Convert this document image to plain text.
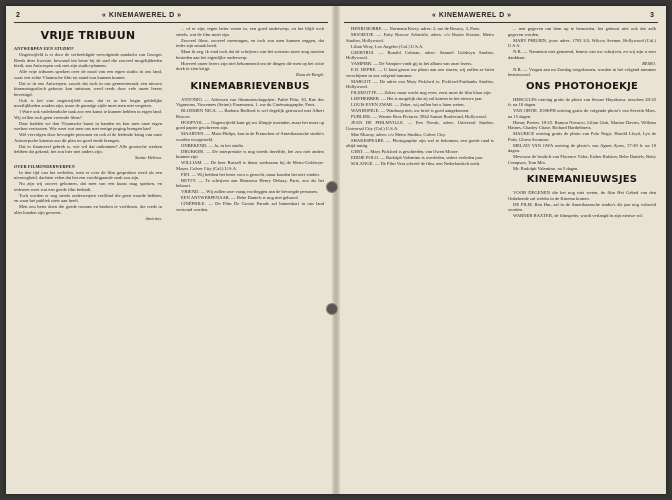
2	« KINEMAWEREL D »
VRIJE TRIBUUN

ANTWERPEN EEN STUDIO?

Ongetwijfeld is er door de verbeeldigde vervolgende aandacht van Georges Reeds deze kwestie, bewaard ten beste bij de stad die zooveel mogelijkheden biedt, aan Antwerpen ook met zijn studio-plannen.

Alle vrije tribunes spreken over de nood van een eigen studio in ons land, waar een echte Vlaamsche film tot stand zou kunnen komen.

Dat er in ons Antwerpen, zooals dat toch in ons gemeenteraad, een nieuwe kinematografisch gebouw kan ontstaan, werd reeds door vele onzer lezers bevestigd.

Ook is het vast ongetwijfeld waar, dat er in het begin geldelijke moeilijkheden zouden zijn, maar de gunstige zijde moet men niet vergeten.

't Ware ook vaderlandsche taak zoo een kunst te kunnen hebben in eigen land. Wij willen toch geen vreemde films?

Daar hadden we dan Vlaamsche kunst in handen en kon men onze eigen werken vertoonen. Wie weet wat men ons met eenige poging brengen kan!

Wel vervolgen door bevoegde personen en ook al de leidende kring van onze Antwerpsche kinema zou dit plan tot goed einde brengen.

Dat er financieel gebrek is, wie wil dat ontkennen? Alle grootsche werken hebben dat gekend, het zou hier niet anders zijn.

Sainte Helena.

OVER FILMONDERWERPEN

In den tijd van het verleden, toen er over de film gesproken werd als een nieuwigheid, dachten velen dat het een voorbijgaande zaak zou zijn.

Nu zijn wij zoover gekomen, dat men van een kunst mag spreken, en iedereen weet wat een goede film beduidt.

Toch worden er nog steeds onderwerpen verfilmd die geen waarde hebben, en waar het publiek niets aan heeft.

Men zou beter doen die goede romans en boeken te verfilmen, die reeds in aller handen zijn geweest.

Amicitia.

... of er zijn, tegen beter weten in, een goed onderwerp, en het blijft toch steeds, wat de film moet zijn.

Zooveel films, zooveel meeningen, en toch zou men kunnen zeggen, dat ieder zijn smaak heeft.

Maar ik zeg, ik vind toch dat de schrijvers van het scenario meer zorg moeten besteden aan het eigenlijke onderwerp.

Hoeveel onzer lezers zijn niet bekommerd om de dingen die men op het witte doek te zien krijgt.

Roza de Bergh.

KINEMABRIEVENBUS

ANTONIO. — Adressen van filmmaatschappijen: Pathé Film, 30, Rue des Vignerons, Vincennes (Seine); Paramount, 1, rue du Cinématographe, Paris.

BLOEMEN NICA. — Barbara Bedford is wel degelijk getrouwd met Albert Roscoe.

HOOPVOL. — Ongetwijfeld kunt gij uw filmpje inzenden, maar het moet op goed papier geschreven zijn.

MAARTEN. — Maar Philips, kan in de Franschen of Amerikaansche studio's worden voorgesteld.

ONBEKEND. — Ja, in het studio.

DRUKKER. — De interpretatie is nog steeds dezelfde, het zou niet anders kunnen zijn.

WILLIAM. — De heer Russell is thans werkzaam bij de Metro-Goldwyn-Mayer, Culver City (Cal.) U.S.A.

FIFI. — Wij hebben het beste voor u gezocht, maar konden het niet vinden.

BETTY. — Te schrijven aan Monsieur Henry Debray, Paris, zoo als het behoort.

VRIEND. — Wij zullen uwe vraag voorleggen aan de bevoegde personen.

EEN ANTWERPENAAR. — Bebe Daniels is nog niet gehuwd.

CINÉPHILE. — De Film De Groote Parade zal binnenkort in ons land vertoond worden.

« KINEMAWEREL D »	3

HENRI BORRE. — Normann Kerry, adres: 2, rue de Bourcy, 3, Paris.

MOOIETJE. — Fatty Roscoe Arbuckle, adres: c/o Buster Keaton, Metro Studios, Hollywood.

Lilian Wray, Los Angeles (Cal.) U.S.A.

GEERTRUI. — Ronald Colman, adres: Samuel Goldwyn Studios, Hollywood.

VAMPIER. — De Vampier vindt gij in het album van onze lezers.

E.D. DEPRE. — U kunt gerust uw photo aan ons sturen, wij zullen ze laten verschijnen in ons volgend nummer.

MARGOT. — De adres van Mary Pickford is: Pickford-Fairbanks Studios, Hollywood.

FILMZOTTE. — Zeker, maar wacht nog even, eerst moet de film klaar zijn.

LIEFHEBBER. — Het is mogelijk dat zij zal komen in het nieuwe jaar.

LOUIS EVEN ZWAR. — Zeker, wij zullen het u laten weten.

WANHOPIGE. — Wanhoop niet, uw brief is goed aangekomen.

PUBLIEK. — Warner Bros Pictures, 5842 Sunset Boulevard, Hollywood.

JEAN DE PHILMVILLE. — Een Novak, adres: Universal Studios, Universal City (Cal.) U.S.A.

Mae Murray, adres: c/o Metro Studios, Culver City.

SHAKESPEARE. — Photographie zijn wel te bekomen, een goede raad is altijd nuttig.

GERT. — Mary Pickford is geschieden, van Owen Moore.

EDDIE POLO. — Rudolph Valentino is overleden, sedert verleden jaar.

SOLANGE. — De Film Vera schreef de film, een Nederlandsch werk.

... nen gegeven om hem op te bemoeien, het gebeurt niet ook dat zulk gegeven worden.

MARY PHILBIN, jouw adres: 1703 3/4, Wilcox Avenue, Hollywood (Cal.) U.S.A.

N.B. — Nanneton niet gemeend, kennis van uw schrijven, en wij zijn u zeer dankbaar.

REMO.

N.B. — Vragen aan nu Zondag toegekomen, worden in het volgend nummer beantwoord.

ONS PHOTOHOEKJE

HERCULES ontving gratis de photo van Sessue Hayakawa, tusschen 20-25 fr. na 10 dagen.

VAN ORTIE, JOSEPH ontving gratis de volgende photo's van Severin Mars, na 15 dagen.

Henny Porten. 18-25. Ramon Novarro, Lilian Gish, Marion Davies, William Haines, Charley Chase, Richard Barthelmess.

MAURICE ontving gratis de photo van Pola Negri, Harold Lloyd, Lya de Putti, Gloria Swanson.

MELATI VAN JAVA ontving de photo's van Agnes Ayres, 17-28 fr. na 10 dagen.

Mevrouw de bruiloft van Florence Vidor, Esther Ralston, Bebe Daniels, Betty Compson, Tom Mix.

Mr. Rudolph Valentino, na 5 dagen.

KINEMANIEUWSJES

VOOR DEGENEN die het nog niet weten, de film Het Gebed van den Onbekende zal weldra in de Kinema komen.

DE FILM, Ben Hur, zal in de Amerikaansche studio's dit jaar nog voltooid worden.

WARNER BAXTER, de filmspeler, wordt verlangd in zijn nieuwe rol.
